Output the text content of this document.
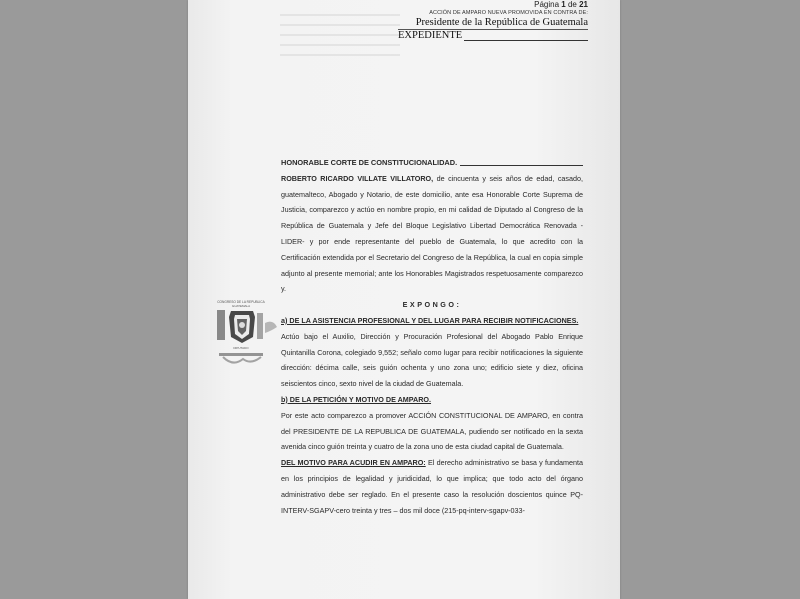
Página 1 de 21
ACCIÓN DE AMPARO NUEVA PROMOVIDA EN CONTRA DE:
Presidente de la República de Guatemala
EXPEDIENTE
HONORABLE CORTE DE CONSTITUCIONALIDAD.
ROBERTO RICARDO VILLATE VILLATORO, de cincuenta y seis años de edad, casado, guatemalteco, Abogado y Notario, de este domicilio, ante esa Honorable Corte Suprema de Justicia, comparezco y actúo en nombre propio, en mi calidad de Diputado al Congreso de la República de Guatemala y Jefe del Bloque Legislativo Libertad Democrática Renovada -LIDER- y por ende representante del pueblo de Guatemala, lo que acredito con la Certificación extendida por el Secretario del Congreso de la República, la cual en copia simple adjunto al presente memorial; ante los Honorables Magistrados respetuosamente comparezco y.
EXPONGO:
a) DE LA ASISTENCIA PROFESIONAL Y DEL LUGAR PARA RECIBIR NOTIFICACIONES.
Actúo bajo el Auxilio, Dirección y Procuración Profesional del Abogado Pablo Enrique Quintanilla Corona, colegiado 9,552; señalo como lugar para recibir notificaciones la siguiente dirección: décima calle, seis guión ochenta y uno zona uno; edificio siete y diez, oficina seiscientos cinco, sexto nivel de la ciudad de Guatemala.
b) DE LA PETICIÓN Y MOTIVO DE AMPARO.
Por este acto comparezco a promover ACCIÓN CONSTITUCIONAL DE AMPARO, en contra del PRESIDENTE DE LA REPUBLICA DE GUATEMALA, pudiendo ser notificado en la sexta avenida cinco guión treinta y cuatro de la zona uno de esta ciudad capital de Guatemala.
DEL MOTIVO PARA ACUDIR EN AMPARO: El derecho administrativo se basa y fundamenta en los principios de legalidad y juridicidad, lo que implica; que todo acto del órgano administrativo debe ser reglado. En el presente caso la resolución doscientos quince PQ-INTERV-SGAPV-cero treinta y tres – dos mil doce (215-pq-interv-sgapv-033-
CONGRESO DE LA REPUBLICA
GUATEMALA
DIPUTADO
